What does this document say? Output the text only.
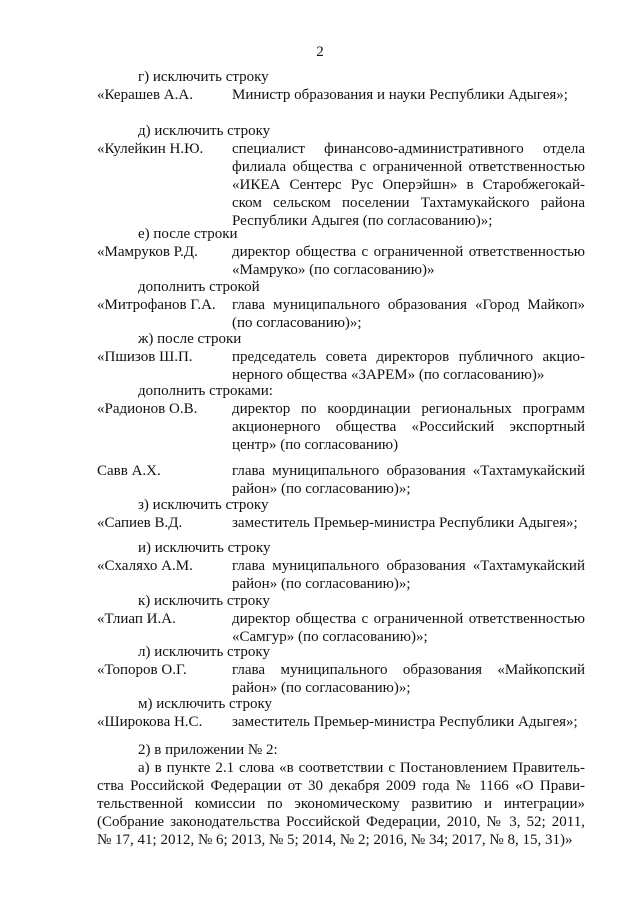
2
г) исключить строку
«Керашев А.А.	Министр образования и науки Республики Адыгея»;
д) исключить строку
«Кулейкин Н.Ю. специалист финансово-административного отдела
филиала общества с ограниченной ответственностью
«ИКЕА Сентерс Рус Оперэйшн» в Старобжегокай-
ском сельском поселении Тахтамукайского района
Республики Адыгея (по согласованию)»;
е) после строки
«Мамруков Р.Д. директор общества с ограниченной ответственностью
«Мамруко» (по согласованию)»
дополнить строкой
«Митрофанов Г.А. глава муниципального образования «Город Майкоп»
(по согласованию)»;
ж) после строки
«Пшизов Ш.П.	председатель совета директоров публичного акцио-
нерного общества «ЗАРЕМ» (по согласованию)»
дополнить строками:
«Радионов О.В. директор по координации региональных программ
акционерного общества «Российский экспортный
центр» (по согласованию)
Савв А.Х.	глава муниципального образования «Тахтамукайский
район» (по согласованию)»;
з) исключить строку
«Сапиев В.Д.	заместитель Премьер-министра Республики Адыгея»;
и) исключить строку
«Схаляхо А.М.	глава муниципального образования «Тахтамукайский
район» (по согласованию)»;
к) исключить строку
«Тлиап И.А.	директор общества с ограниченной ответственностью
«Самгур» (по согласованию)»;
л) исключить строку
«Топоров О.Г.	глава муниципального образования «Майкопский
район» (по согласованию)»;
м) исключить строку
«Широкова Н.С. заместитель Премьер-министра Республики Адыгея»;
2) в приложении № 2:
а) в пункте 2.1 слова «в соответствии с Постановлением Правитель-
ства Российской Федерации от 30 декабря 2009 года № 1166 «О Прави-
тельственной комиссии по экономическому развитию и интеграции»
(Собрание законодательства Российской Федерации, 2010, № 3, 52; 2011,
№ 17, 41; 2012, № 6; 2013, № 5; 2014, № 2; 2016, № 34; 2017, № 8, 15, 31)»
